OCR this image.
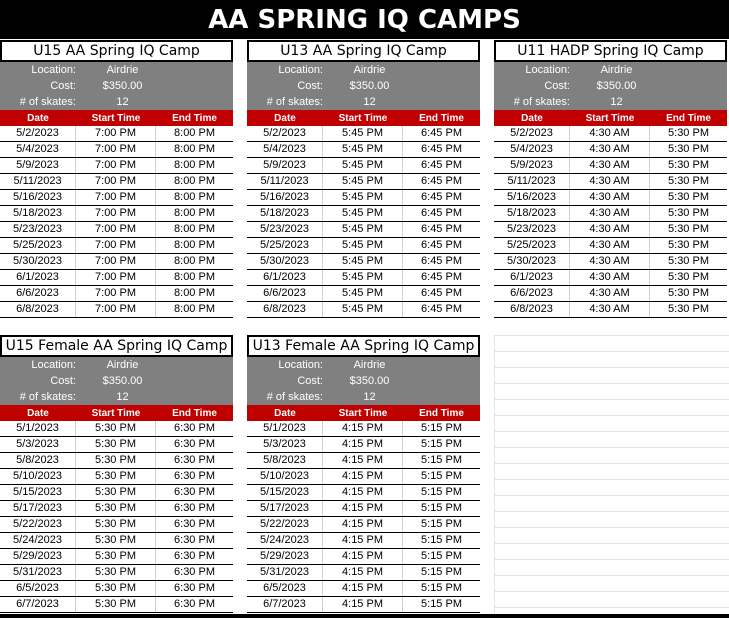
AA SPRING IQ CAMPS
U15 AA Spring IQ Camp
Location:	Airdrie
Cost:	$350.00
# of skates:	12
Date	Start Time	End Time
5/2/2023	7:00 PM	8:00 PM
5/4/2023	7:00 PM	8:00 PM
5/9/2023	7:00 PM	8:00 PM
5/11/2023	7:00 PM	8:00 PM
5/16/2023	7:00 PM	8:00 PM
5/18/2023	7:00 PM	8:00 PM
5/23/2023	7:00 PM	8:00 PM
5/25/2023	7:00 PM	8:00 PM
5/30/2023	7:00 PM	8:00 PM
6/1/2023	7:00 PM	8:00 PM
6/6/2023	7:00 PM	8:00 PM
6/8/2023	7:00 PM	8:00 PM
U13 AA Spring IQ Camp
Location:	Airdrie
Cost:	$350.00
# of skates:	12
Date	Start Time	End Time
5/2/2023	5:45 PM	6:45 PM
5/4/2023	5:45 PM	6:45 PM
5/9/2023	5:45 PM	6:45 PM
5/11/2023	5:45 PM	6:45 PM
5/16/2023	5:45 PM	6:45 PM
5/18/2023	5:45 PM	6:45 PM
5/23/2023	5:45 PM	6:45 PM
5/25/2023	5:45 PM	6:45 PM
5/30/2023	5:45 PM	6:45 PM
6/1/2023	5:45 PM	6:45 PM
6/6/2023	5:45 PM	6:45 PM
6/8/2023	5:45 PM	6:45 PM
U11 HADP Spring IQ Camp
Location:	Airdrie
Cost:	$350.00
# of skates:	12
Date	Start Time	End Time
5/2/2023	4:30 AM	5:30 PM
5/4/2023	4:30 AM	5:30 PM
5/9/2023	4:30 AM	5:30 PM
5/11/2023	4:30 AM	5:30 PM
5/16/2023	4:30 AM	5:30 PM
5/18/2023	4:30 AM	5:30 PM
5/23/2023	4:30 AM	5:30 PM
5/25/2023	4:30 AM	5:30 PM
5/30/2023	4:30 AM	5:30 PM
6/1/2023	4:30 AM	5:30 PM
6/6/2023	4:30 AM	5:30 PM
6/8/2023	4:30 AM	5:30 PM
U15 Female AA Spring IQ Camp
Location:	Airdrie
Cost:	$350.00
# of skates:	12
Date	Start Time	End Time
5/1/2023	5:30 PM	6:30 PM
5/3/2023	5:30 PM	6:30 PM
5/8/2023	5:30 PM	6:30 PM
5/10/2023	5:30 PM	6:30 PM
5/15/2023	5:30 PM	6:30 PM
5/17/2023	5:30 PM	6:30 PM
5/22/2023	5:30 PM	6:30 PM
5/24/2023	5:30 PM	6:30 PM
5/29/2023	5:30 PM	6:30 PM
5/31/2023	5:30 PM	6:30 PM
6/5/2023	5:30 PM	6:30 PM
6/7/2023	5:30 PM	6:30 PM
U13 Female AA Spring IQ Camp
Location:	Airdrie
Cost:	$350.00
# of skates:	12
Date	Start Time	End Time
5/1/2023	4:15 PM	5:15 PM
5/3/2023	4:15 PM	5:15 PM
5/8/2023	4:15 PM	5:15 PM
5/10/2023	4:15 PM	5:15 PM
5/15/2023	4:15 PM	5:15 PM
5/17/2023	4:15 PM	5:15 PM
5/22/2023	4:15 PM	5:15 PM
5/24/2023	4:15 PM	5:15 PM
5/29/2023	4:15 PM	5:15 PM
5/31/2023	4:15 PM	5:15 PM
6/5/2023	4:15 PM	5:15 PM
6/7/2023	4:15 PM	5:15 PM
